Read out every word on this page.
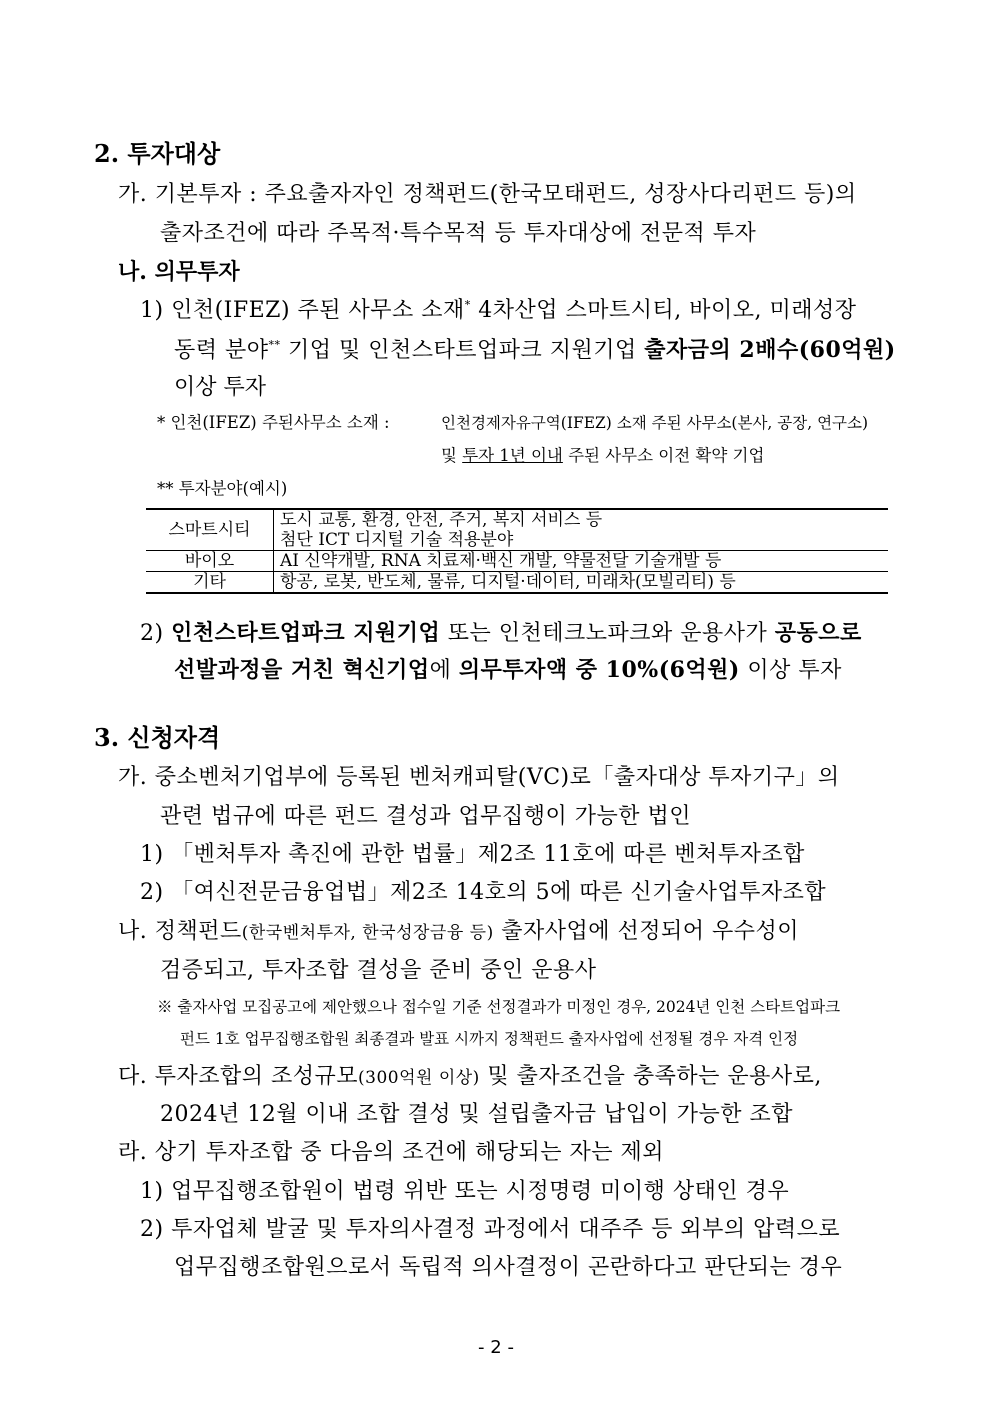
2. 투자대상
가. 기본투자 : 주요출자자인 정책펀드(한국모태펀드, 성장사다리펀드 등)의
출자조건에 따라 주목적·특수목적 등 투자대상에 전문적 투자
나. 의무투자
1) 인천(IFEZ) 주된 사무소 소재* 4차산업 스마트시티, 바이오, 미래성장
동력 분야** 기업 및 인천스타트업파크 지원기업 출자금의 2배수(60억원)
이상 투자
* 인천(IFEZ) 주된사무소 소재 :	인천경제자유구역(IFEZ) 소재 주된 사무소(본사, 공장, 연구소)
및 투자 1년 이내 주된 사무소 이전 확약 기업
** 투자분야(예시)
스마트시티	도시 교통, 환경, 안전, 주거, 복지 서비스 등
첨단 ICT 디지털 기술 적용분야

바이오	AI 신약개발, RNA 치료제·백신 개발, 약물전달 기술개발 등
기타	항공, 로봇, 반도체, 물류, 디지털·데이터, 미래차(모빌리티) 등
2) 인천스타트업파크 지원기업 또는 인천테크노파크와 운용사가 공동으로
선발과정을 거친 혁신기업에 의무투자액 중 10%(6억원) 이상 투자
3. 신청자격
가. 중소벤처기업부에 등록된 벤처캐피탈(VC)로「출자대상 투자기구」의
관련 법규에 따른 펀드 결성과 업무집행이 가능한 법인
1) 「벤처투자 촉진에 관한 법률」제2조 11호에 따른 벤처투자조합
2) 「여신전문금융업법」제2조 14호의 5에 따른 신기술사업투자조합
나. 정책펀드(한국벤처투자, 한국성장금융 등) 출자사업에 선정되어 우수성이
검증되고, 투자조합 결성을 준비 중인 운용사
※ 출자사업 모집공고에 제안했으나 접수일 기준 선정결과가 미정인 경우, 2024년 인천 스타트업파크
펀드 1호 업무집행조합원 최종결과 발표 시까지 정책펀드 출자사업에 선정될 경우 자격 인정
다. 투자조합의 조성규모(300억원 이상) 및 출자조건을 충족하는 운용사로,
2024년 12월 이내 조합 결성 및 설립출자금 납입이 가능한 조합
라. 상기 투자조합 중 다음의 조건에 해당되는 자는 제외
1) 업무집행조합원이 법령 위반 또는 시정명령 미이행 상태인 경우
2) 투자업체 발굴 및 투자의사결정 과정에서 대주주 등 외부의 압력으로
업무집행조합원으로서 독립적 의사결정이 곤란하다고 판단되는 경우
- 2 -
